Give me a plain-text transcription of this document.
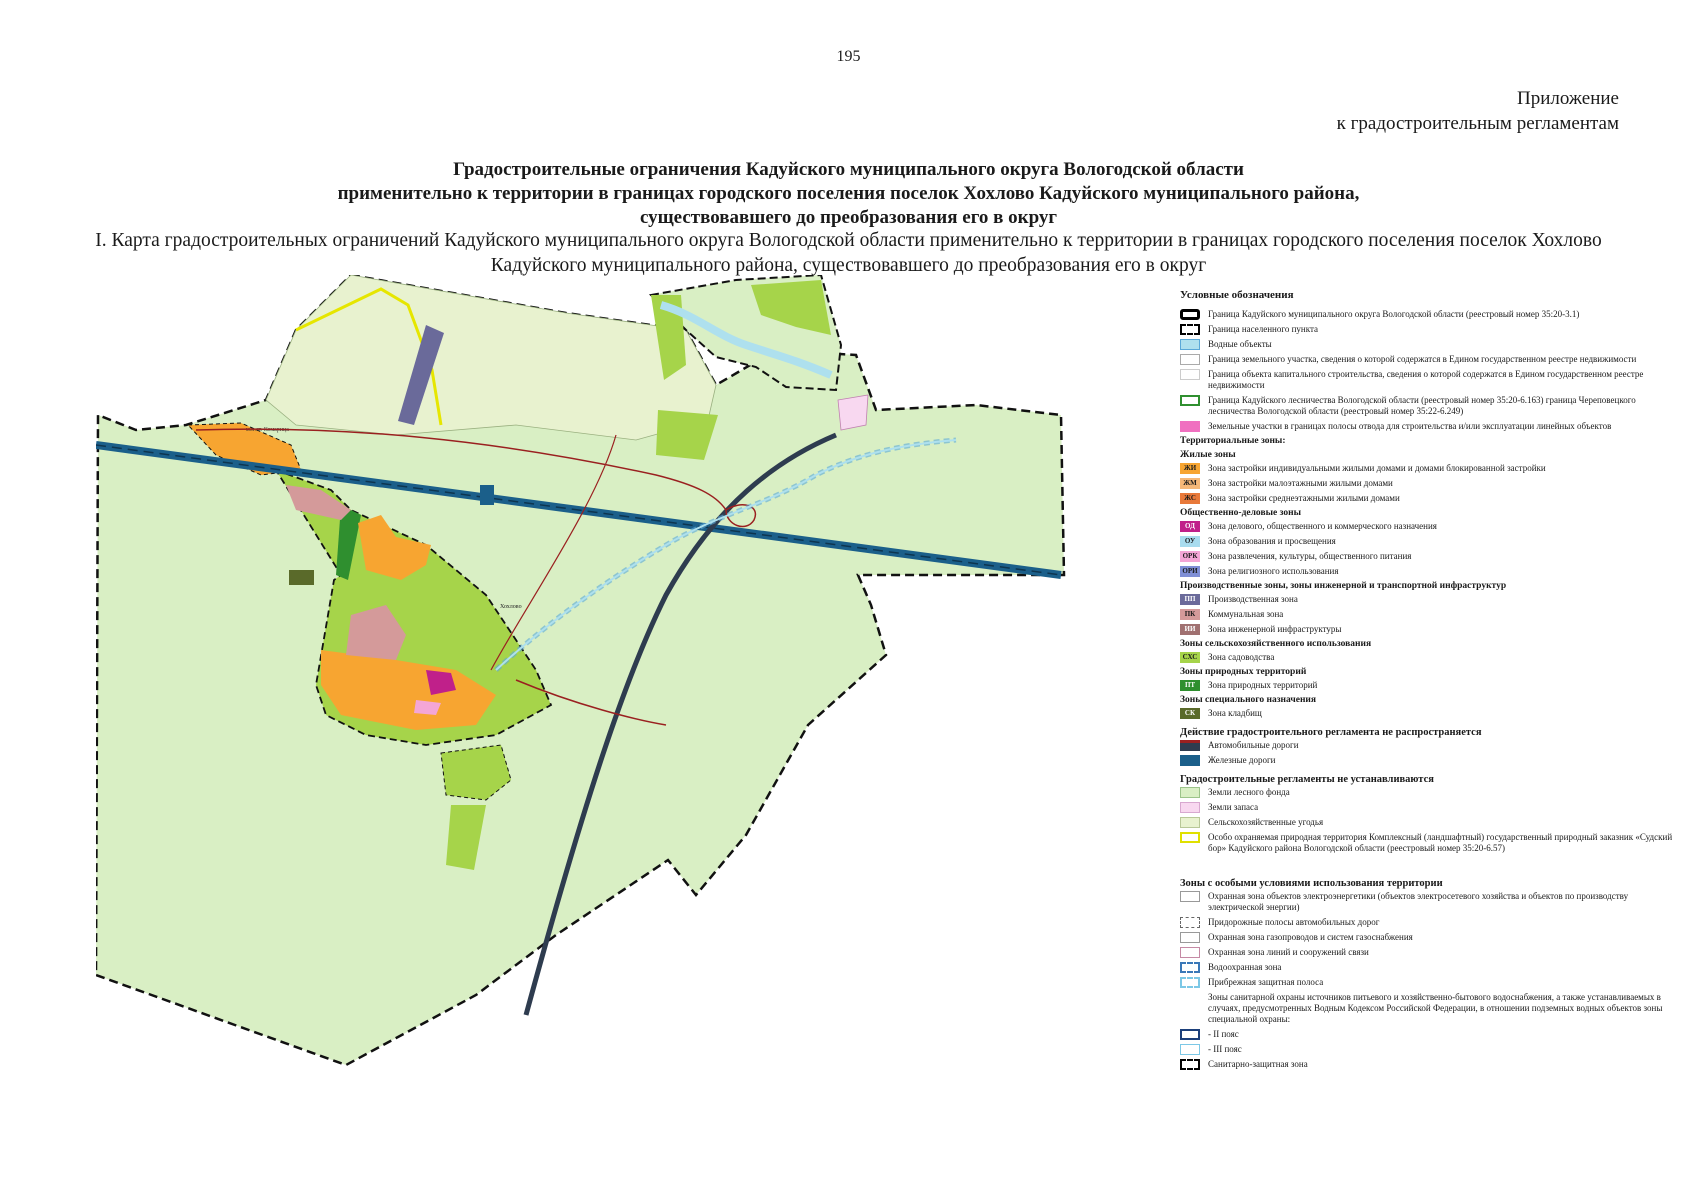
195
Приложение
к градостроительным регламентам
Градостроительные ограничения Кадуйского муниципального округа Вологодской области
применительно к территории в границах городского поселения поселок Хохлово Кадуйского муниципального района,
существовавшего до преобразования его в округ
I. Карта градостроительных ограничений Кадуйского муниципального округа Вологодской области применительно к территории в границах городского поселения поселок Хохлово
Кадуйского муниципального района, существовавшего до преобразования его в округ
м.п.ст. Комарица
Хохлово
Условные обозначения
Граница Кадуйского муниципального округа Вологодской области (реестровый номер 35:20-3.1)
Граница населенного пункта
Водные объекты
Граница земельного участка, сведения о которой содержатся в Едином государственном реестре недвижимости
Граница объекта капитального строительства, сведения о которой содержатся в Едином государственном реестре недвижимости
Граница Кадуйского лесничества Вологодской области (реестровый номер 35:20-6.163) граница Череповецкого лесничества Вологодской области (реестровый номер 35:22-6.249)
Земельные участки в границах полосы отвода для строительства и/или эксплуатации линейных объектов
Территориальные зоны:
Жилые зоны
ЖИ	Зона застройки индивидуальными жилыми домами и домами блокированной застройки
ЖМ	Зона застройки малоэтажными жилыми домами
ЖС	Зона застройки среднеэтажными жилыми домами
Общественно-деловые зоны
ОД	Зона делового, общественного и коммерческого назначения
ОУ	Зона образования и просвещения
ОРК Зона развлечения, культуры, общественного питания
ОРИ Зона религиозного использования
Производственные зоны, зоны инженерной и транспортной инфраструктур
ПП	Производственная зона
ПК	Коммунальная зона
ИИ	Зона инженерной инфраструктуры
Зоны сельскохозяйственного использования
СХС Зона садоводства
Зоны природных территорий
ПТ	Зона природных территорий
Зоны специального назначения
СК	Зона кладбищ
Действие градостроительного регламента не распространяется
Автомобильные дороги
Железные дороги
Градостроительные регламенты не устанавливаются
Земли лесного фонда
Земли запаса
Сельскохозяйственные угодья
Особо охраняемая природная территория Комплексный (ландшафтный) государственный природный заказник «Судский бор» Кадуйского района Вологодской области (реестровый номер 35:20-6.57)
Зоны с особыми условиями использования территории
Охранная зона объектов электроэнергетики (объектов электросетевого хозяйства и объектов по производству электрической энергии)
Придорожные полосы автомобильных дорог
Охранная зона газопроводов и систем газоснабжения
Охранная зона линий и сооружений связи
Водоохранная зона
Прибрежная защитная полоса
Зоны санитарной охраны источников питьевого и хозяйственно-бытового водоснабжения, а также устанавливаемых в случаях, предусмотренных Водным Кодексом Российской Федерации, в отношении подземных водных объектов зоны специальной охраны:
- II пояс
- III пояс
Санитарно-защитная зона
